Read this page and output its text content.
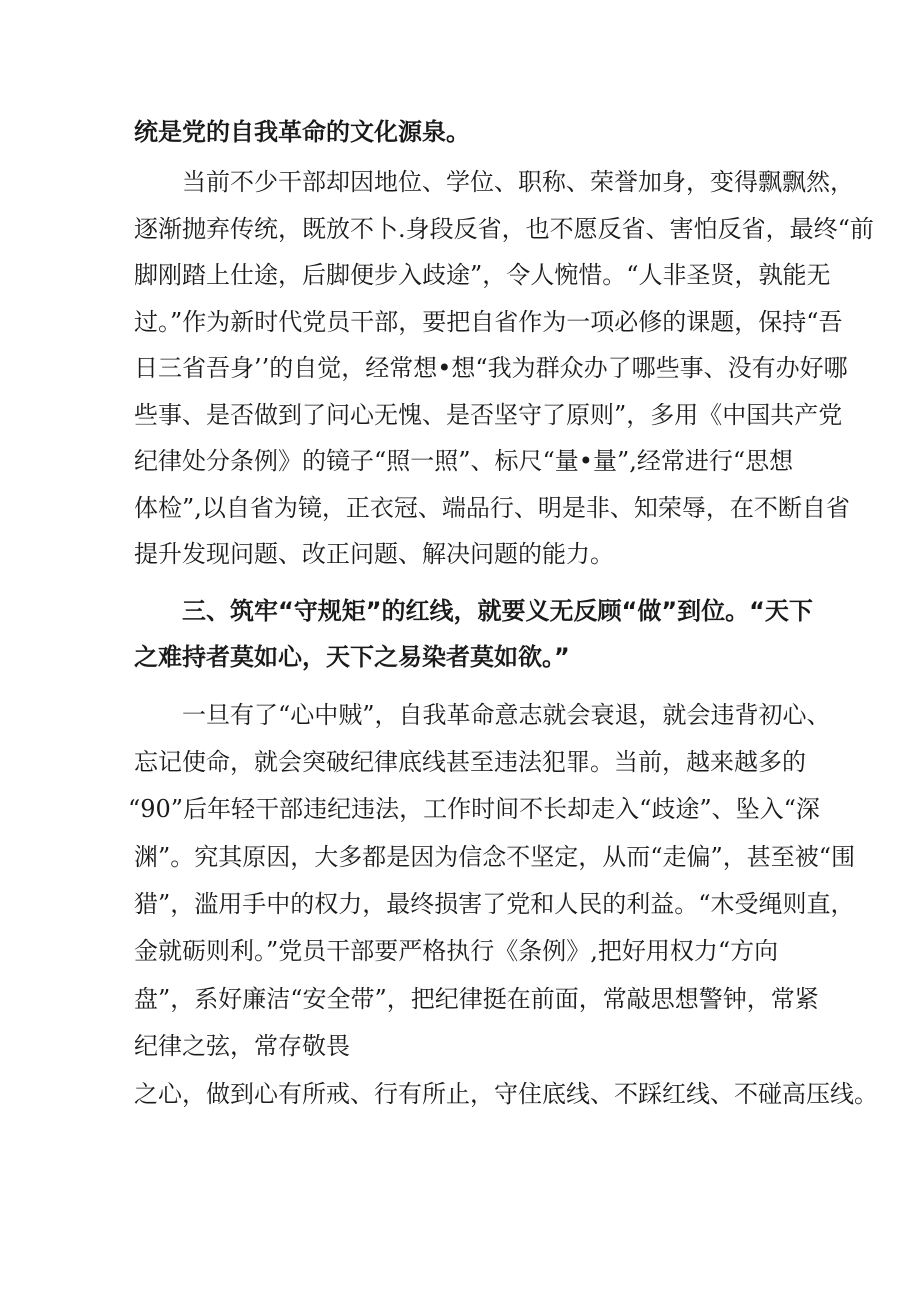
统是党的自我革命的文化源泉。
当前不少干部却因地位、学位、职称、荣誉加身，变得飘飘然，
逐渐抛弃传统，既放不卜.身段反省，也不愿反省、害怕反省，最终“前
脚刚踏上仕途，后脚便步入歧途”，令人惋惜。“人非圣贤，孰能无
过。”作为新时代党员干部，要把自省作为一项必修的课题，保持“吾
日三省吾身’’的自觉，经常想•想“我为群众办了哪些事、没有办好哪
些事、是否做到了问心无愧、是否坚守了原则”，多用《中国共产党
纪律处分条例》的镜子“照一照”、标尺“量•量”,经常进行“思想
体检”,以自省为镜，正衣冠、端品行、明是非、知荣辱，在不断自省
提升发现问题、改正问题、解决问题的能力。
三、筑牢“守规矩”的红线，就要义无反顾“做”到位。“天下
之难持者莫如心，天下之易染者莫如欲。”
一旦有了“心中贼”，自我革命意志就会衰退，就会违背初心、
忘记使命，就会突破纪律底线甚至违法犯罪。当前，越来越多的
“90”后年轻干部违纪违法，工作时间不长却走入“歧途”、坠入“深
渊”。究其原因，大多都是因为信念不坚定，从而“走偏”，甚至被“围
猎”，滥用手中的权力，最终损害了党和人民的利益。“木受绳则直，
金就砺则利。”党员干部要严格执行《条例》,把好用权力“方向
盘”，系好廉洁“安全带”，把纪律挺在前面，常敲思想警钟，常紧
纪律之弦，常存敬畏
之心，做到心有所戒、行有所止，守住底线、不踩红线、不碰高压线。
